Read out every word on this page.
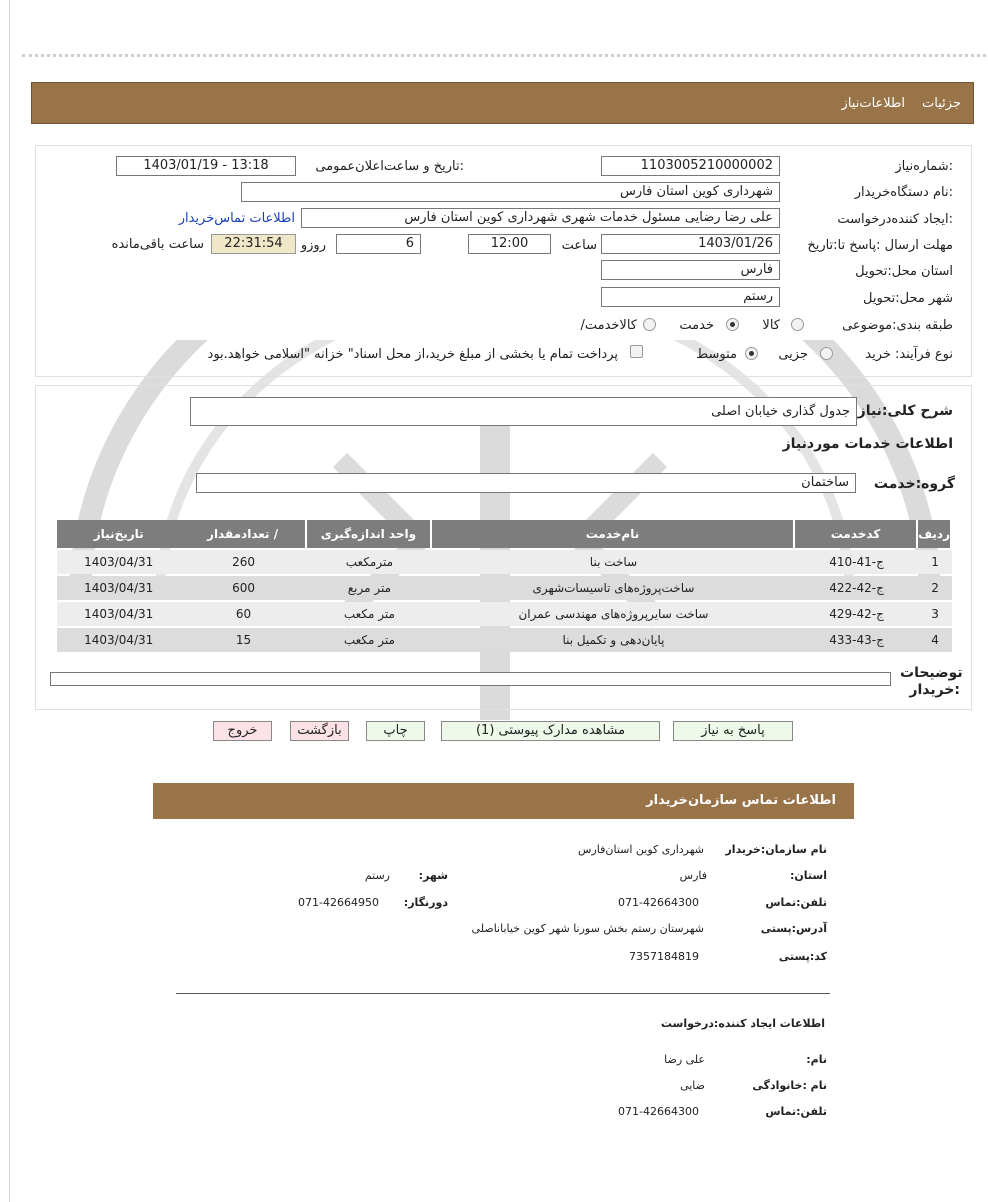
اطلاعات‌نیاز جزئیات
شماره‌نیاز:
1103005210000002
تاریخ و ساعت‌اعلان‌عمومی:
1403/01/19 - 13:18
نام دستگاه‌خریدار:
شهرداری کوین استان فارس
ایجاد کننده‌درخواست:
علی رضا رضایی مسئول خدمات شهری شهرداری کوین استان فارس
اطلاعات تماس‌خریدار
مهلت ارسال :پاسخ تا:تاریخ
1403/01/26
ساعت
12:00
6
روزو
22:31:54
ساعت باقی‌مانده
استان محل:تحویل
فارس
شهر محل:تحویل
رستم
طبقه بندی:موضوعی
کالا
خدمت
/کالاخدمت
نوع فرآیند: خرید
جزیی
متوسط
پرداخت تمام یا بخشی از مبلغ خرید،از محل اسناد" خزانه "اسلامی خواهد.بود
شرح کلی:نیاز
جدول گذاری خیابان اصلی
اطلاعات خدمات موردنیاز
گروه:خدمت
ساختمان
ردیف	کدخدمت	نام‌خدمت	واحد اندازه‌گیری	/ تعدادمقدار	تاریخ‌نیاز
1	ج-41-410	ساخت بنا	مترمکعب	260	1403/04/31
2	ج-42-422	ساخت‌پروژه‌های تاسیسات‌شهری	متر مربع	600	1403/04/31
3	ج-42-429	ساخت سایرپروژه‌های مهندسی عمران	متر مکعب	60	1403/04/31
4	ج-43-433	پایان‌دهی و تکمیل بنا	متر مکعب	15	1403/04/31
توضیحات :خریدار
پاسخ به نیاز
مشاهده مدارک پیوستی (1)
چاپ
بازگشت
خروج
اطلاعات تماس سازمان‌خریدار
نام سازمان:خریدار
شهرداری کوین استان‌فارس
:استان
فارس
:شهر
رستم
تلفن:تماس
071-42664300
:دورنگار
071-42664950
آدرس:پستی
شهرستان رستم بخش سورنا شهر کوین خیاباناصلی
کد:پستی
7357184819
اطلاعات ایجاد کننده:درخواست
:نام
علی رضا
نام :خانوادگی
ضایی
تلفن:تماس
071-42664300
